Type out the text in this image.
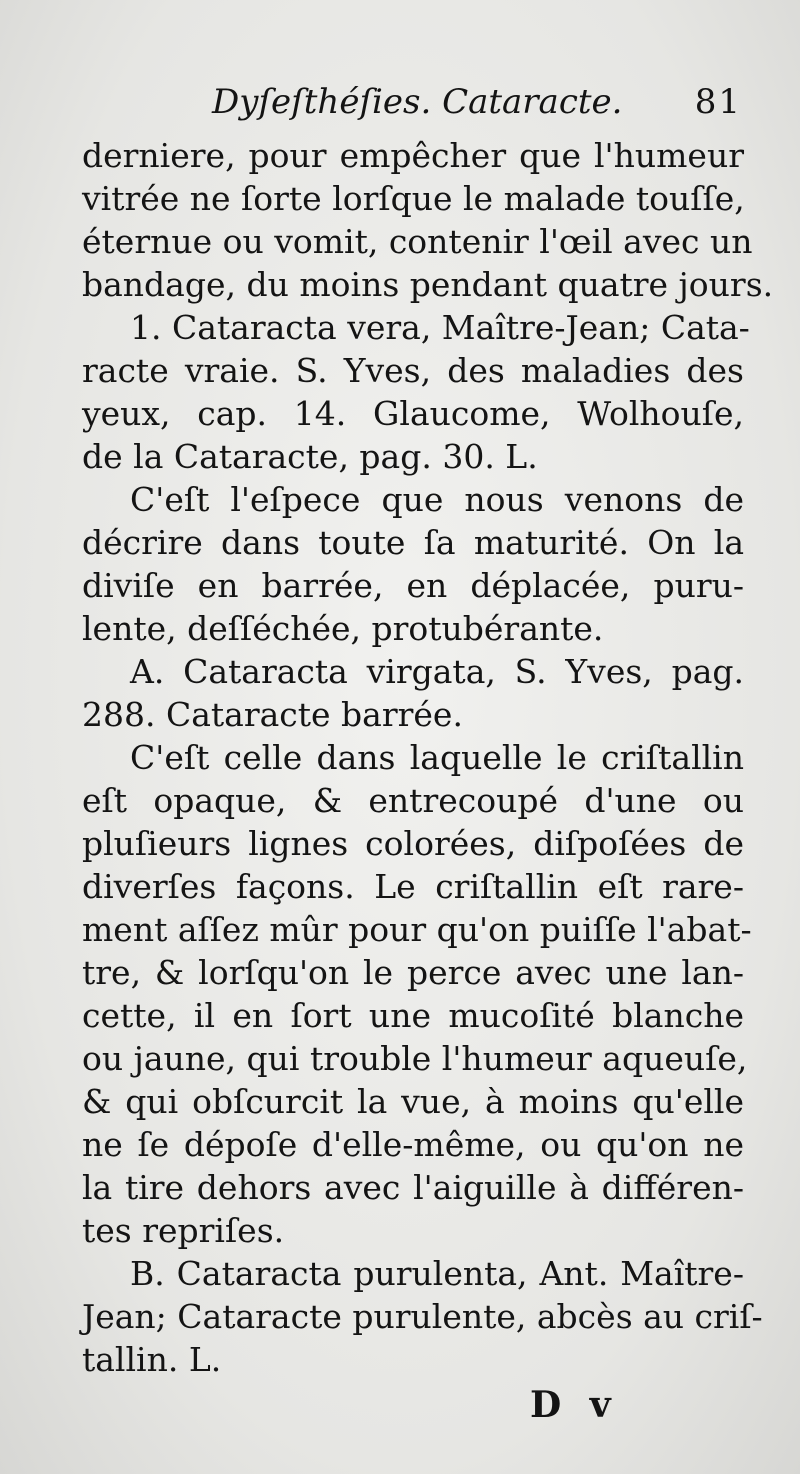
Dyſeſthéſies. Cataracte. 81
derniere, pour empêcher que l'humeur
vitrée ne ſorte lorſque le malade touſſe,
éternue ou vomit, contenir l'œil avec un
bandage, du moins pendant quatre jours.
1. Cataracta vera, Maître-Jean; Cata-
racte vraie. S. Yves, des maladies des
yeux, cap. 14. Glaucome, Wolhouſe,
de la Cataracte, pag. 30. L.
C'eſt l'eſpece que nous venons de
décrire dans toute ſa maturité. On la
diviſe en barrée, en déplacée, puru-
lente, deſſéchée, protubérante.
A. Cataracta virgata, S. Yves, pag.
288. Cataracte barrée.
C'eſt celle dans laquelle le criſtallin
eſt opaque, & entrecoupé d'une ou
pluſieurs lignes colorées, diſpoſées de
diverſes façons. Le criſtallin eſt rare-
ment aſſez mûr pour qu'on puiſſe l'abat-
tre, & lorſqu'on le perce avec une lan-
cette, il en ſort une mucoſité blanche
ou jaune, qui trouble l'humeur aqueuſe,
& qui obſcurcit la vue, à moins qu'elle
ne ſe dépoſe d'elle-même, ou qu'on ne
la tire dehors avec l'aiguille à différen-
tes repriſes.
B. Cataracta purulenta, Ant. Maître-
Jean; Cataracte purulente, abcès au criſ-
tallin. L.
D v
